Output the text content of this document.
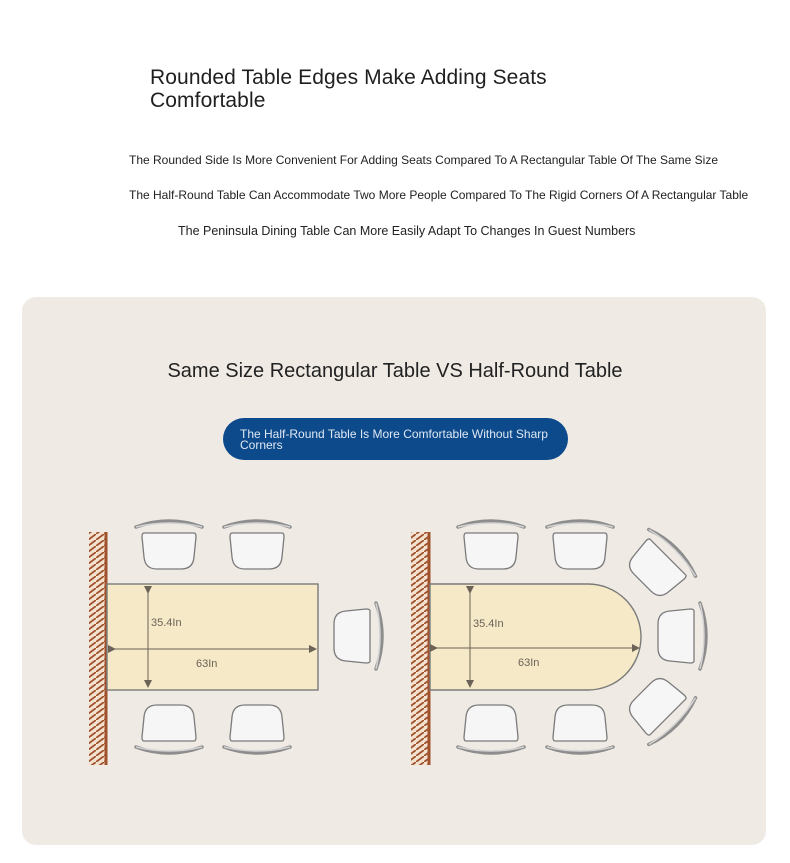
Rounded Table Edges Make Adding Seats Comfortable
The Rounded Side Is More Convenient For Adding Seats Compared To A Rectangular Table Of The Same Size
The Half-Round Table Can Accommodate Two More People Compared To The Rigid Corners Of A Rectangular Table
The Peninsula Dining Table Can More Easily Adapt To Changes In Guest Numbers
Same Size Rectangular Table VS Half-Round Table
The Half-Round Table Is More Comfortable Without Sharp Corners
35.4In
63In
35.4In
63In
